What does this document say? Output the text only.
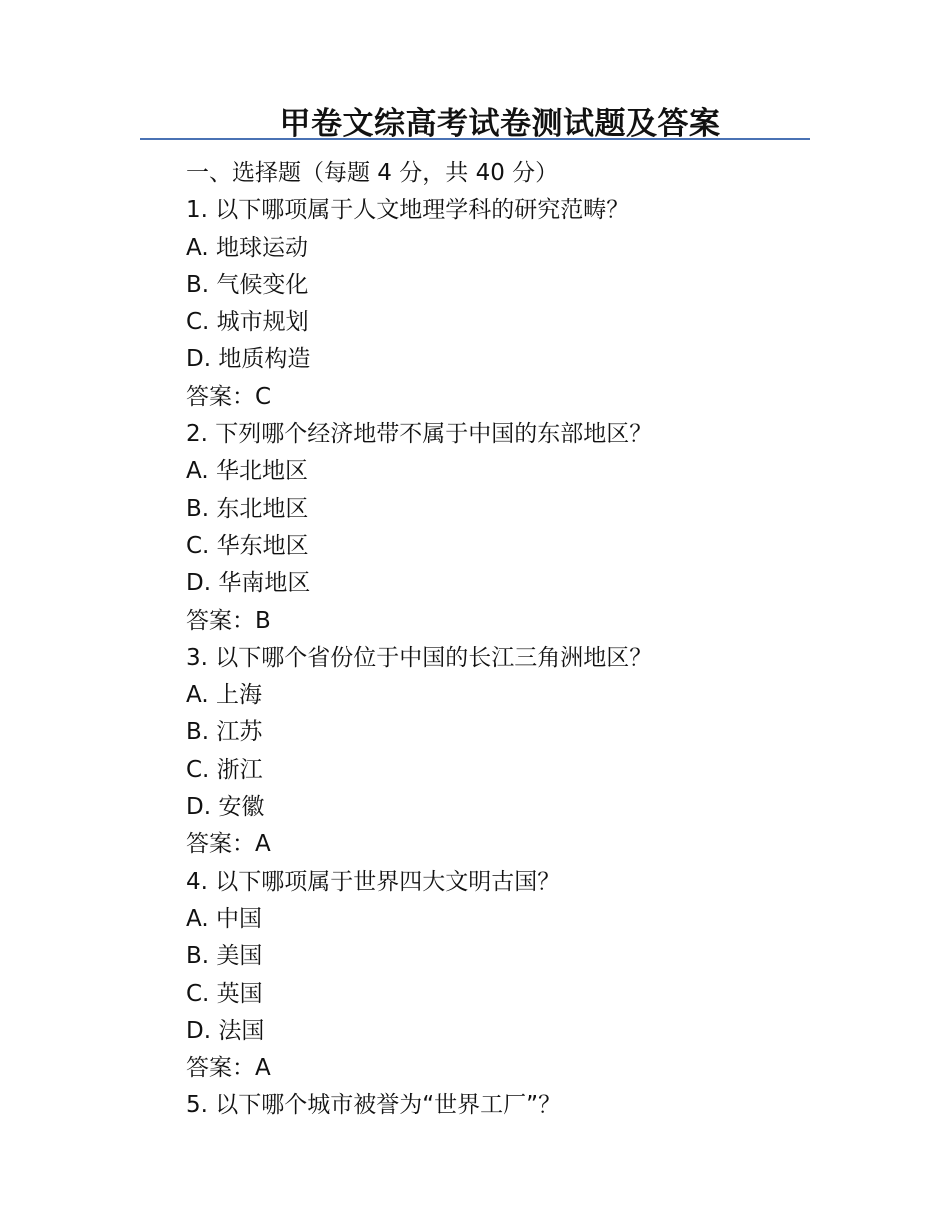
甲卷文综高考试卷测试题及答案
一、选择题（每题 4 分，共 40 分）
1. 以下哪项属于人文地理学科的研究范畴？
A. 地球运动
B. 气候变化
C. 城市规划
D. 地质构造
答案：C
2. 下列哪个经济地带不属于中国的东部地区？
A. 华北地区
B. 东北地区
C. 华东地区
D. 华南地区
答案：B
3. 以下哪个省份位于中国的长江三角洲地区？
A. 上海
B. 江苏
C. 浙江
D. 安徽
答案：A
4. 以下哪项属于世界四大文明古国？
A. 中国
B. 美国
C. 英国
D. 法国
答案：A
5. 以下哪个城市被誉为“世界工厂”？
